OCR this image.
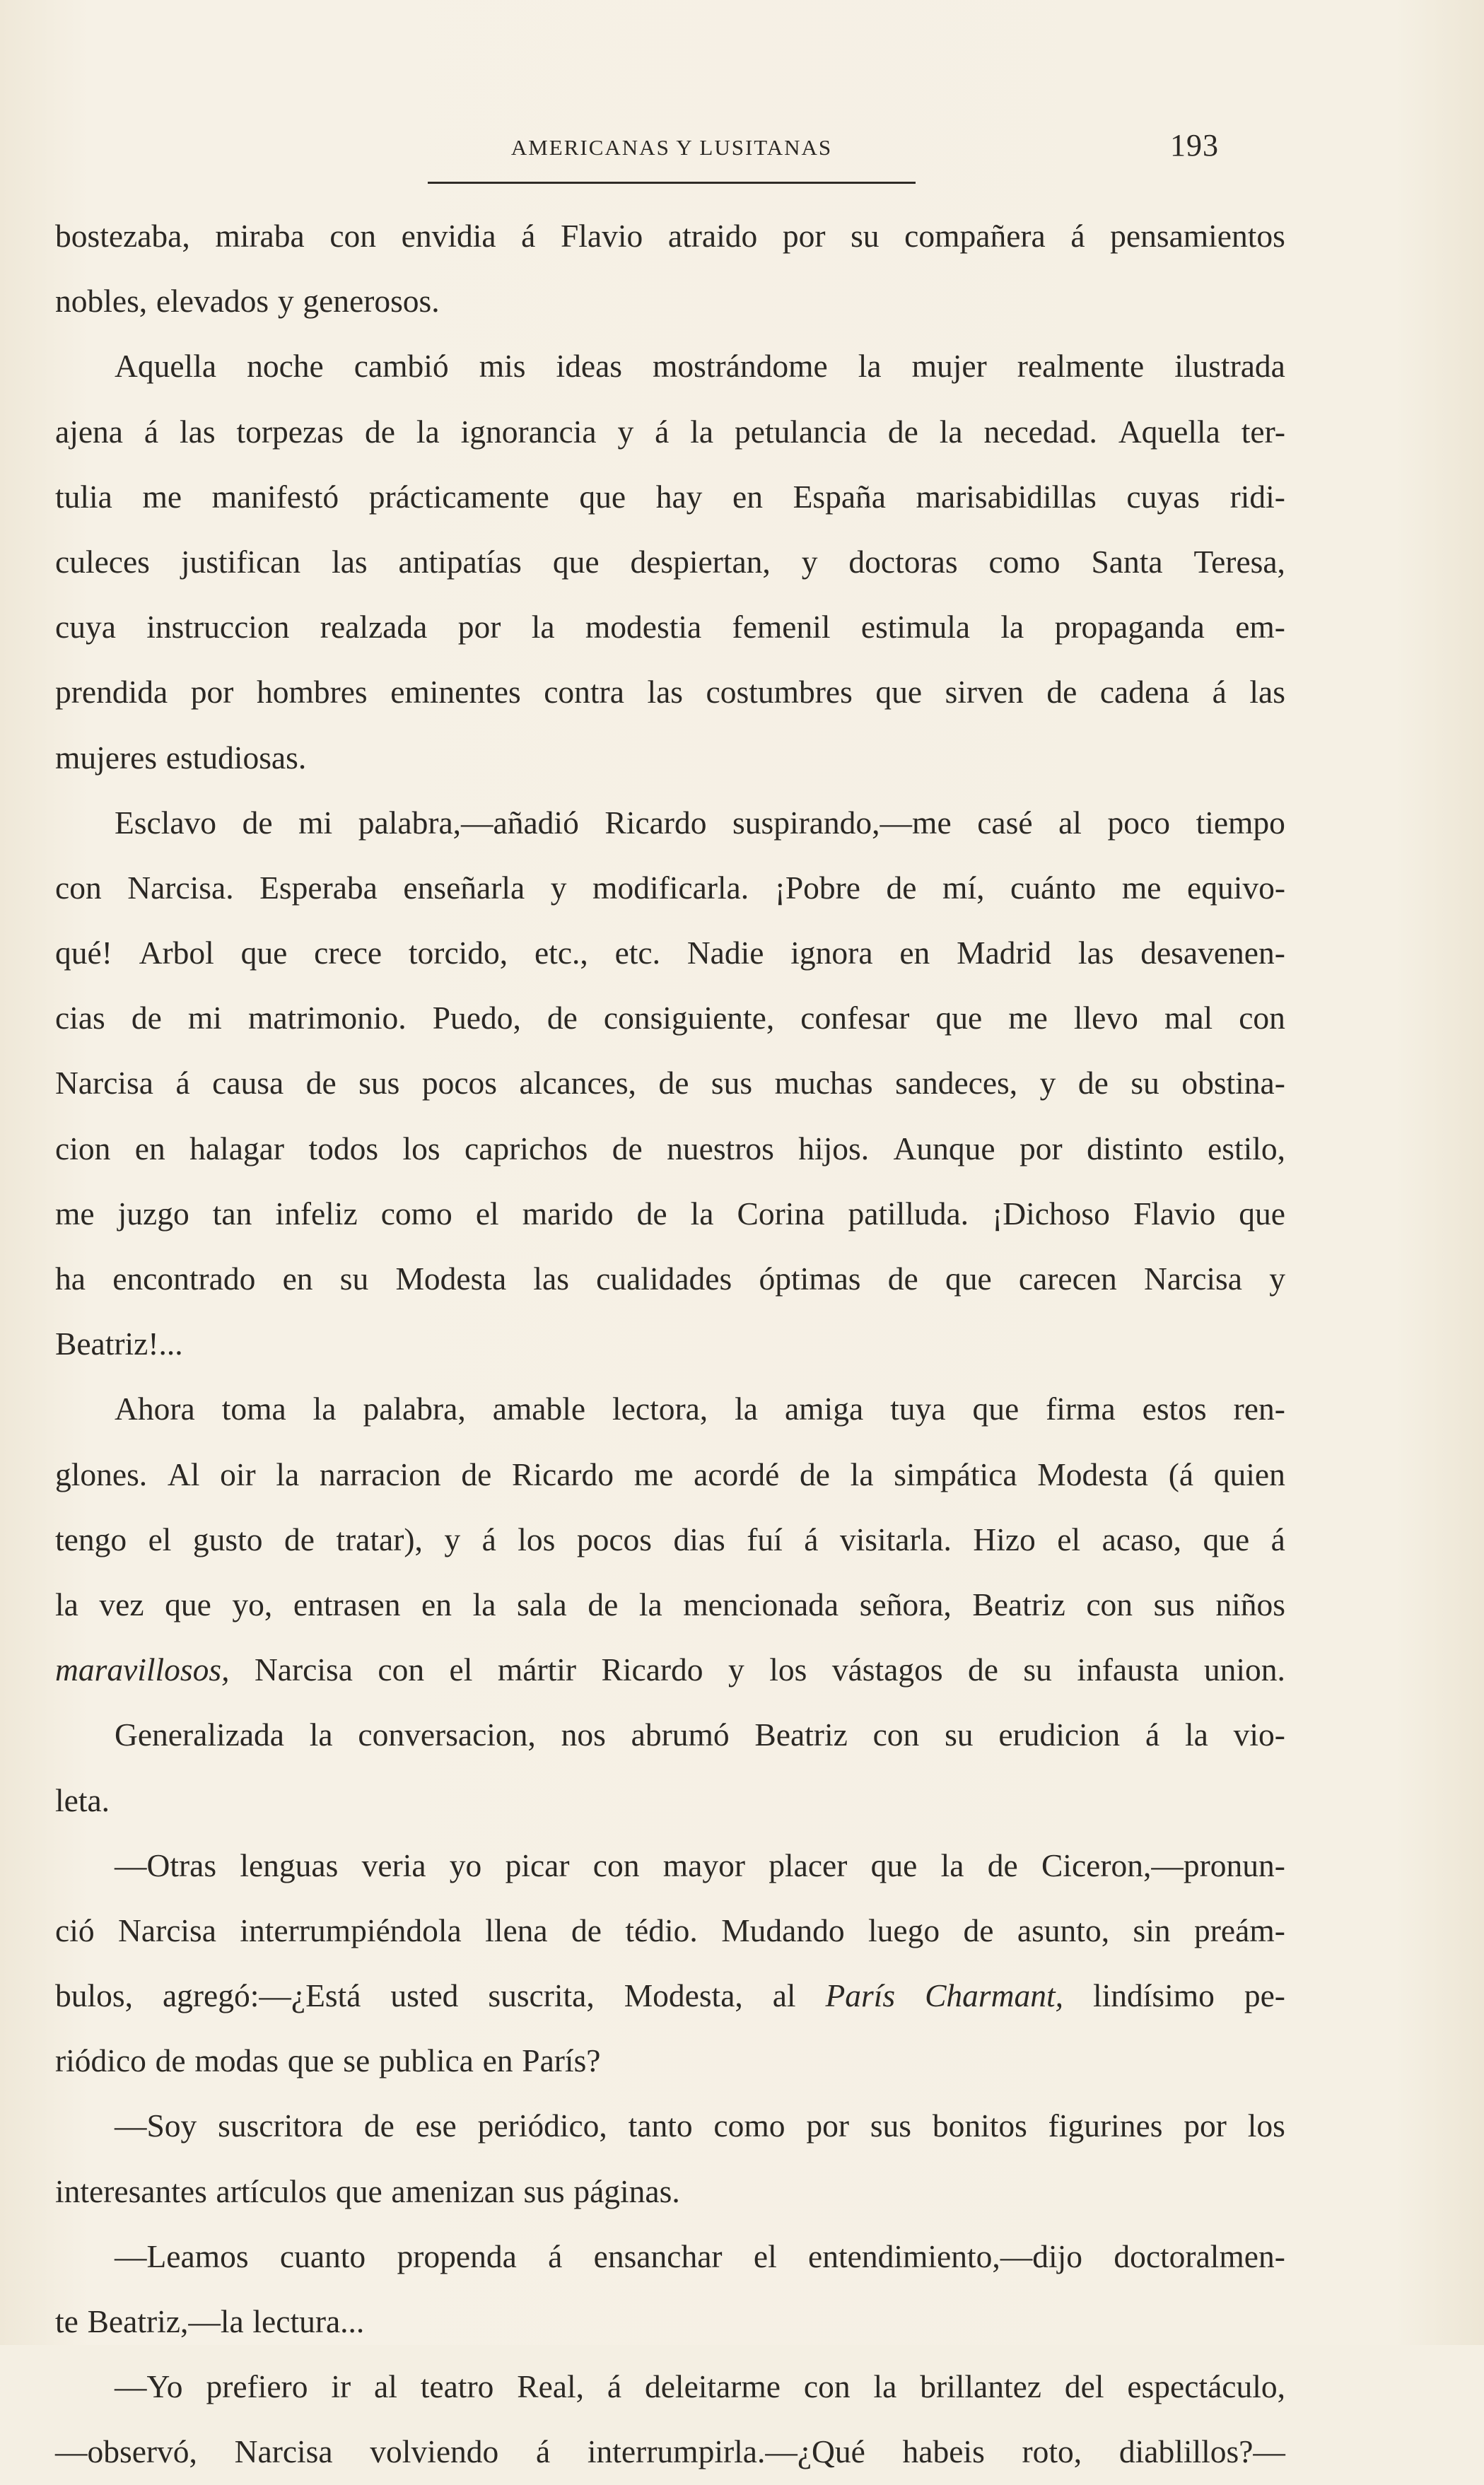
AMERICANAS Y LUSITANAS	193
bostezaba, miraba con envidia á Flavio atraido por su compañera á pensamientos
nobles, elevados y generosos.
Aquella noche cambió mis ideas mostrándome la mujer realmente ilustrada
ajena á las torpezas de la ignorancia y á la petulancia de la necedad. Aquella ter-
tulia me manifestó prácticamente que hay en España marisabidillas cuyas ridi-
culeces justifican las antipatías que despiertan, y doctoras como Santa Teresa,
cuya instruccion realzada por la modestia femenil estimula la propaganda em-
prendida por hombres eminentes contra las costumbres que sirven de cadena á las
mujeres estudiosas.
Esclavo de mi palabra,—añadió Ricardo suspirando,—me casé al poco tiempo
con Narcisa. Esperaba enseñarla y modificarla. ¡Pobre de mí, cuánto me equivo-
qué! Arbol que crece torcido, etc., etc. Nadie ignora en Madrid las desavenen-
cias de mi matrimonio. Puedo, de consiguiente, confesar que me llevo mal con
Narcisa á causa de sus pocos alcances, de sus muchas sandeces, y de su obstina-
cion en halagar todos los caprichos de nuestros hijos. Aunque por distinto estilo,
me juzgo tan infeliz como el marido de la Corina patilluda. ¡Dichoso Flavio que
ha encontrado en su Modesta las cualidades óptimas de que carecen Narcisa y
Beatriz!...
Ahora toma la palabra, amable lectora, la amiga tuya que firma estos ren-
glones. Al oir la narracion de Ricardo me acordé de la simpática Modesta (á quien
tengo el gusto de tratar), y á los pocos dias fuí á visitarla. Hizo el acaso, que á
la vez que yo, entrasen en la sala de la mencionada señora, Beatriz con sus niños
maravillosos, Narcisa con el mártir Ricardo y los vástagos de su infausta union.
Generalizada la conversacion, nos abrumó Beatriz con su erudicion á la vio-
leta.
—Otras lenguas veria yo picar con mayor placer que la de Ciceron,—pronun-
ció Narcisa interrumpiéndola llena de tédio. Mudando luego de asunto, sin preám-
bulos, agregó:—¿Está usted suscrita, Modesta, al París Charmant, lindísimo pe-
riódico de modas que se publica en París?
—Soy suscritora de ese periódico, tanto como por sus bonitos figurines por los
interesantes artículos que amenizan sus páginas.
—Leamos cuanto propenda á ensanchar el entendimiento,—dijo doctoralmen-
te Beatriz,—la lectura...
—Yo prefiero ir al teatro Real, á deleitarme con la brillantez del espectáculo,
—observó, Narcisa volviendo á interrumpirla.—¿Qué habeis roto, diablillos?—
